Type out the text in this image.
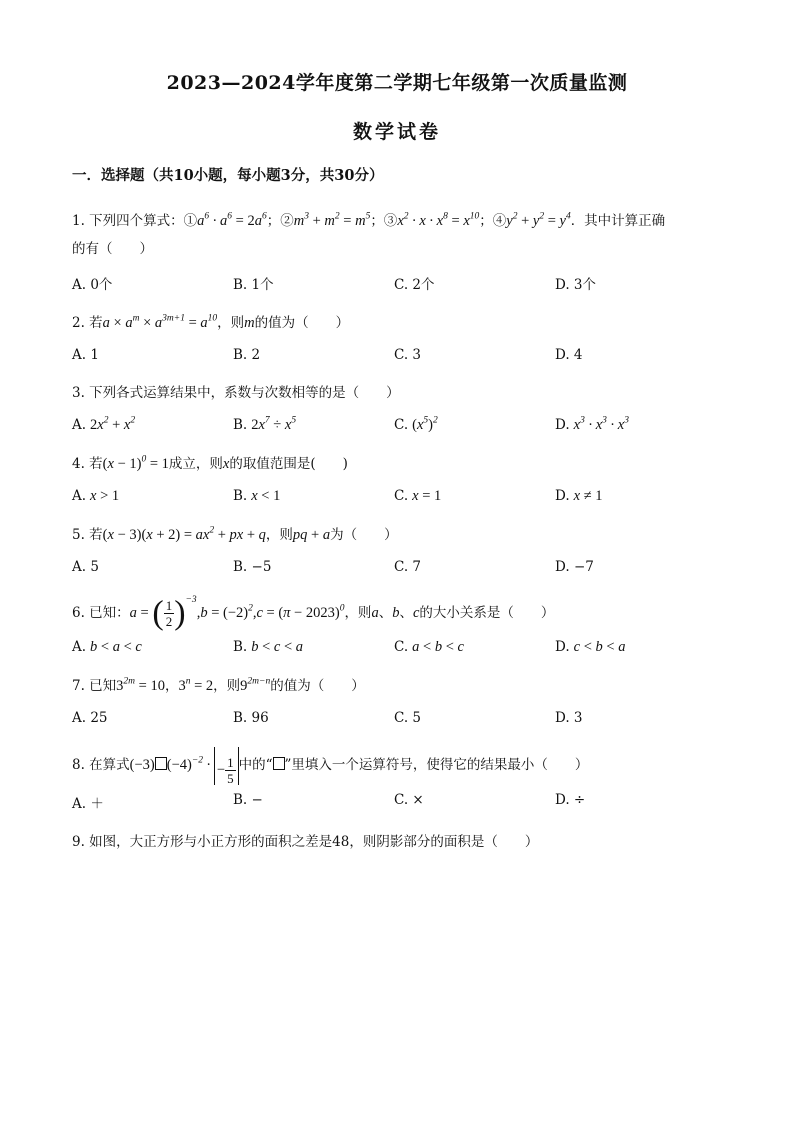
2023—2024学年度第二学期七年级第一次质量监测
数学试卷
一．选择题（共10小题，每小题3分，共30分）
1. 下列四个算式：$①a^6 \cdot a^6 = 2a^6$；$②m^3 + m^2 = m^5$；$③x^2 \cdot x \cdot x^8 = x^{10}$；$④y^2 + y^2 = y^4$．其中计算正确
的有（　　）
A. 0个	B. 1个	C. 2个	D. 3个
2. 若$a \times a^m \times a^{3m+1} = a^{10}$，则m的值为（　　）
A. 1	B. 2	C. 3	D. 4
3. 下列各式运算结果中，系数与次数相等的是（　　）
A. $2x^2 + x^2$	B. $2x^7 \div x^5$	C. $(x^5)^2$	D. $x^3 \cdot x^3 \cdot x^3$
4. 若$(x - 1)^0 = 1$成立，则x的取值范围是(　　)
A. x > 1	B. x < 1	C. x = 1	D. x ≠ 1
5. 若$(x - 3)(x + 2) = ax^2$ + px + q，则pq + a为（　　）
A. 5	B. −5	C. 7	D. −7
6. 已知：a = ( $\frac{1}{2} )^{-3},b = (-2)^2,c = (\pi - 2023)^0$，则a、b、c的大小关系是（　　）
A. b < a < c	B. b < c < a	C. a < b < c	D. c < b < a
7. 已知$3^{2m} = 10$，$3^n = 2$，则$9^{2m-n}$的值为（　　）
A. 25	B. 96	C. 5	D. 3
8. 在算式(−3) $(-4)^{-2}$ · − $\frac{1}{5}$ 中的“ ”里填入一个运算符号，使得它的结果最小（　　）
A. ＋	B. −	C. ×	D. ÷
9. 如图，大正方形与小正方形的面积之差是48，则阴影部分的面积是（　　）
